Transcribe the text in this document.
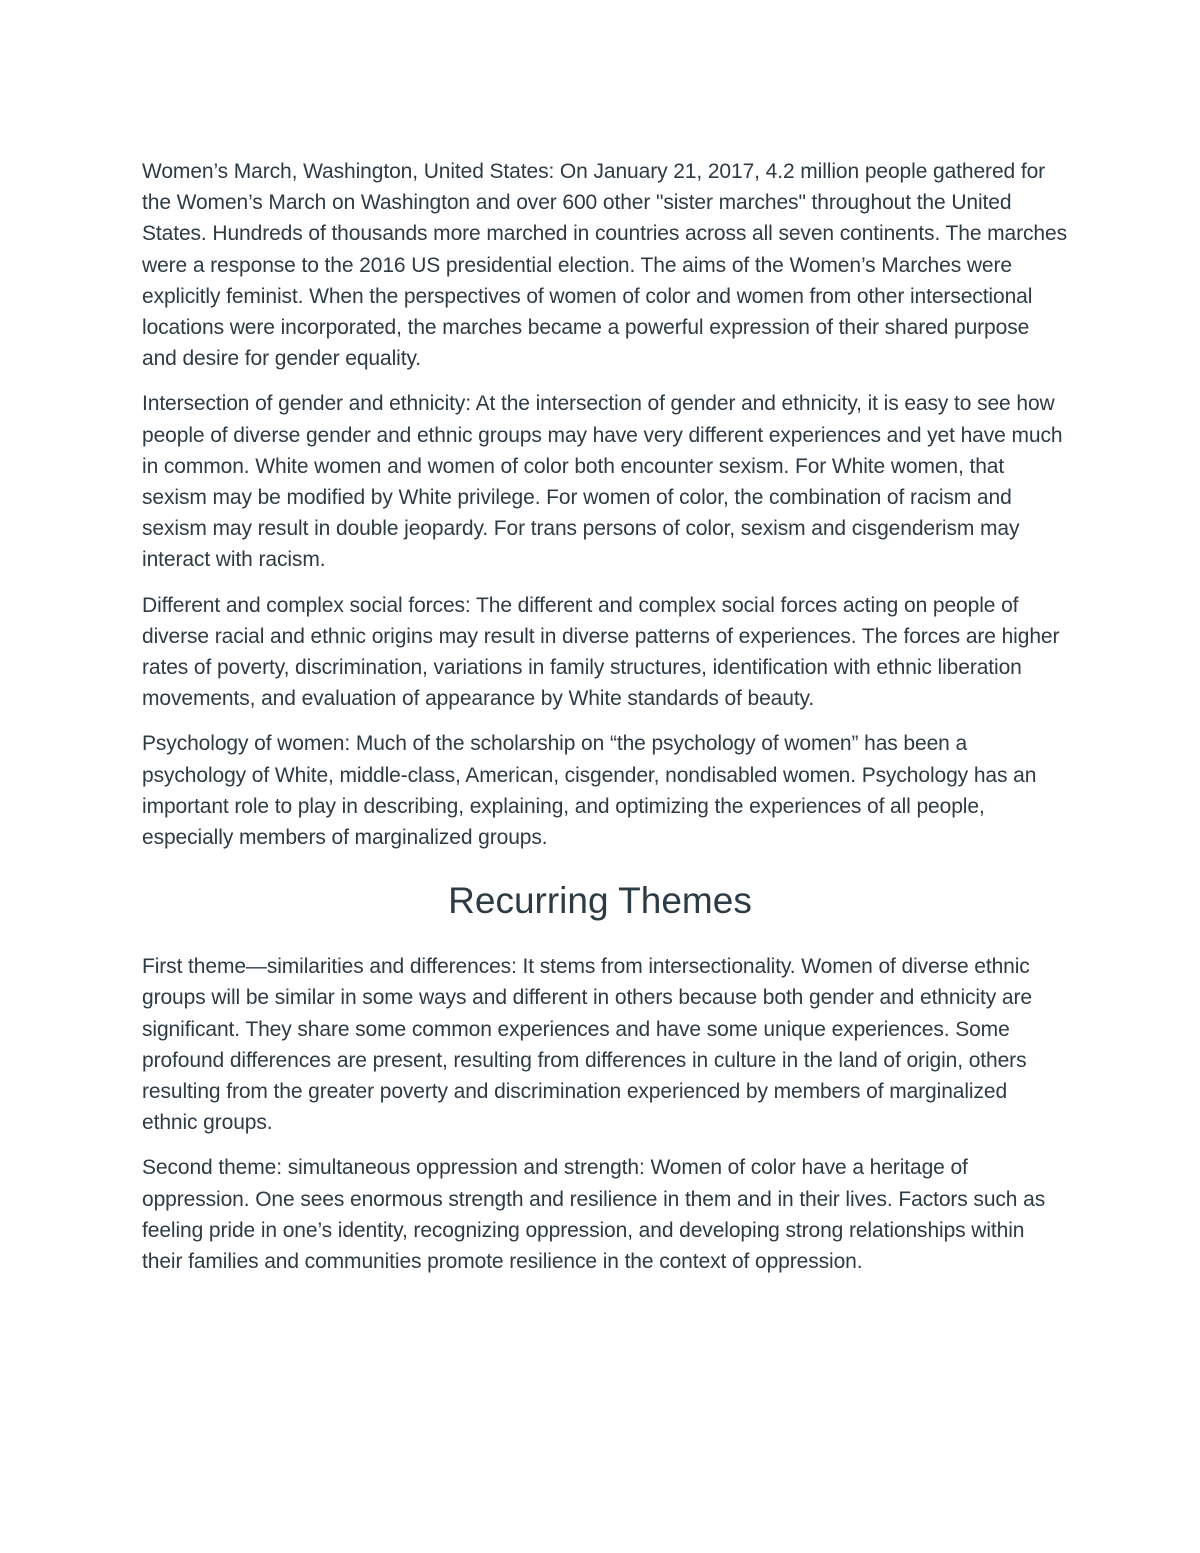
Women’s March, Washington, United States: On January 21, 2017, 4.2 million people gathered for the Women’s March on Washington and over 600 other "sister marches" throughout the United States. Hundreds of thousands more marched in countries across all seven continents. The marches were a response to the 2016 US presidential election. The aims of the Women’s Marches were explicitly feminist. When the perspectives of women of color and women from other intersectional locations were incorporated, the marches became a powerful expression of their shared purpose and desire for gender equality.

Intersection of gender and ethnicity: At the intersection of gender and ethnicity, it is easy to see how people of diverse gender and ethnic groups may have very different experiences and yet have much in common. White women and women of color both encounter sexism. For White women, that sexism may be modified by White privilege. For women of color, the combination of racism and sexism may result in double jeopardy. For trans persons of color, sexism and cisgenderism may interact with racism.

Different and complex social forces: The different and complex social forces acting on people of diverse racial and ethnic origins may result in diverse patterns of experiences. The forces are higher rates of poverty, discrimination, variations in family structures, identification with ethnic liberation movements, and evaluation of appearance by White standards of beauty.

Psychology of women: Much of the scholarship on “the psychology of women” has been a psychology of White, middle-class, American, cisgender, nondisabled women. Psychology has an important role to play in describing, explaining, and optimizing the experiences of all people, especially members of marginalized groups.

Recurring Themes

First theme—similarities and differences: It stems from intersectionality. Women of diverse ethnic groups will be similar in some ways and different in others because both gender and ethnicity are significant. They share some common experiences and have some unique experiences. Some profound differences are present, resulting from differences in culture in the land of origin, others resulting from the greater poverty and discrimination experienced by members of marginalized ethnic groups.

Second theme: simultaneous oppression and strength: Women of color have a heritage of oppression. One sees enormous strength and resilience in them and in their lives. Factors such as feeling pride in one’s identity, recognizing oppression, and developing strong relationships within their families and communities promote resilience in the context of oppression.
